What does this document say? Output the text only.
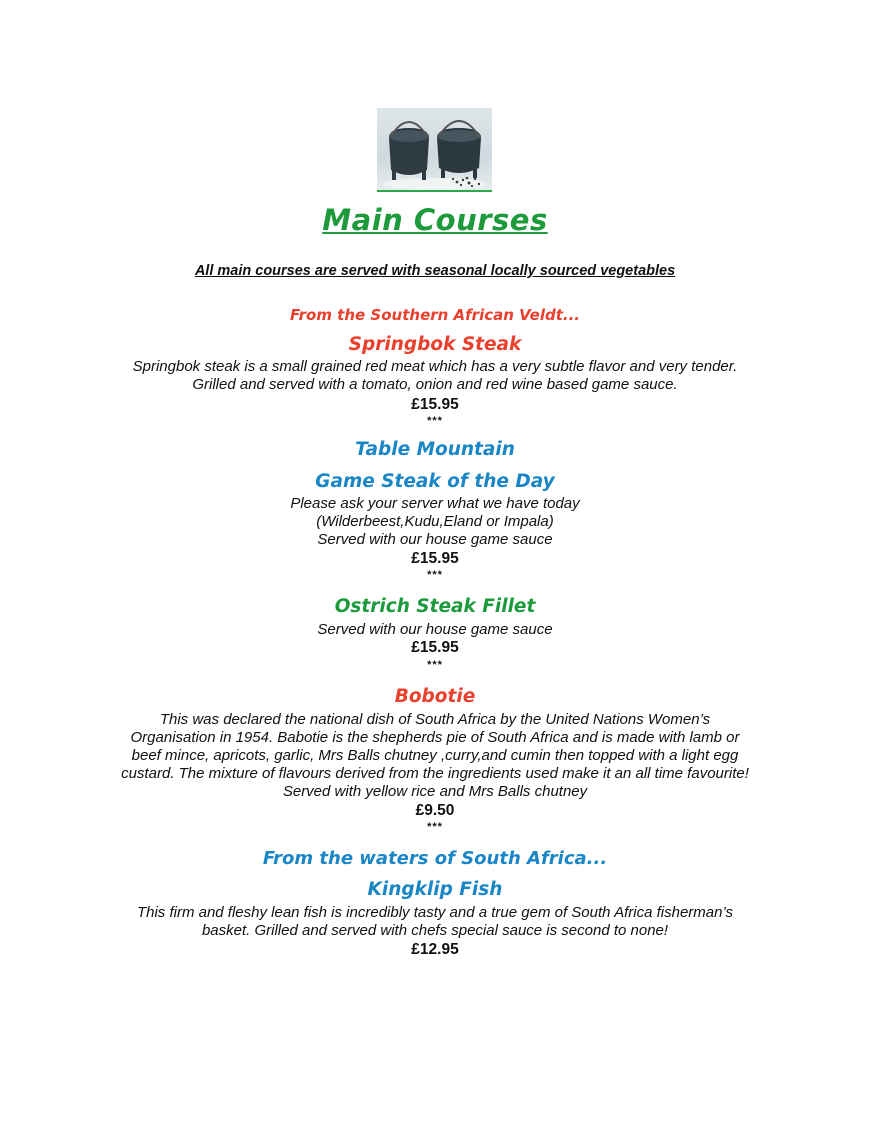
Main Courses
All main courses are served with seasonal locally sourced vegetables
From the Southern African Veldt...
Springbok Steak
Springbok steak is a small grained red meat which has a very subtle flavor and very tender.
Grilled and served with a tomato, onion and red wine based game sauce.
£15.95
***
Table Mountain
Game Steak of the Day
Please ask your server what we have today
(Wilderbeest,Kudu,Eland or Impala)
Served with our house game sauce
£15.95
***
Ostrich Steak Fillet
Served with our house game sauce
£15.95
***
Bobotie
This was declared the national dish of South Africa by the United Nations Women’s
Organisation in 1954. Babotie is the shepherds pie of South Africa and is made with lamb or
beef mince, apricots, garlic, Mrs Balls chutney ,curry,and cumin then topped with a light egg
custard. The mixture of flavours derived from the ingredients used make it an all time favourite!
Served with yellow rice and Mrs Balls chutney
£9.50
***
From the waters of South Africa...
Kingklip Fish
This firm and fleshy lean fish is incredibly tasty and a true gem of South Africa fisherman’s
basket. Grilled and served with chefs special sauce is second to none!
£12.95
